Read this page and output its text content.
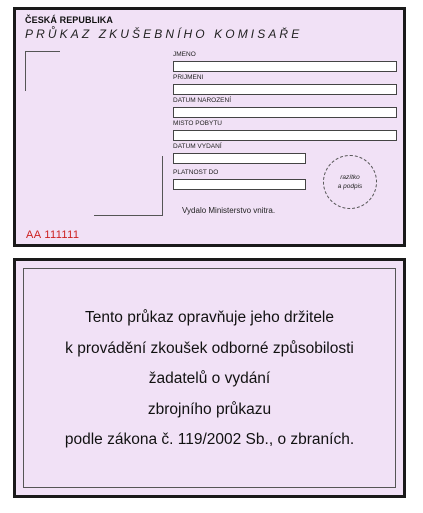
ČESKÁ REPUBLIKA
PRŮKAZ ZKUŠEBNÍHO KOMISAŘE
JMENO
PRIJMENI
DATUM NAROZENÍ
MISTO POBYTU
DATUM VYDANÍ
PLATNOST DO
razítko
a podpis
Vydalo Ministerstvo vnitra.
AA 111111
Tento průkaz opravňuje jeho držitele
k provádění zkoušek odborné způsobilosti
žadatelů o vydání
zbrojního průkazu
podle zákona č. 119/2002 Sb., o zbraních.
